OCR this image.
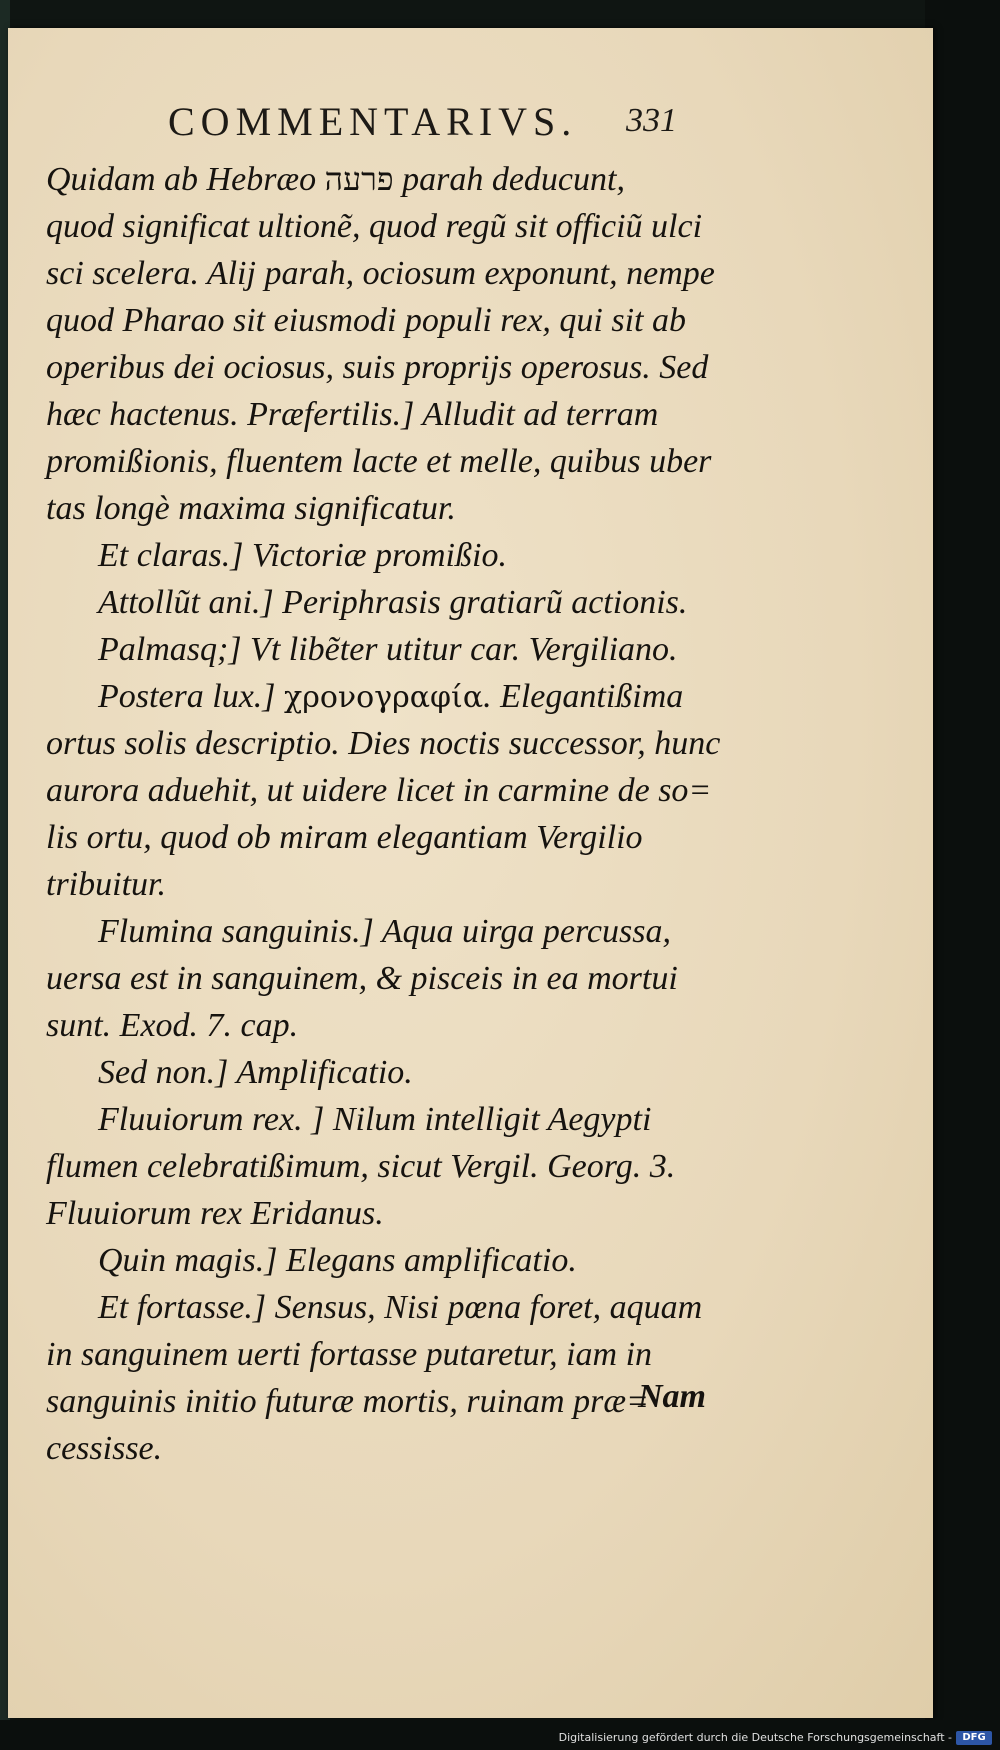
COMMENTARIVS. 331
Quidam ab Hebræo פרעה parah deducunt,
quod significat ultionẽ, quod regũ sit officiũ ulci
sci scelera. Alij parah, ociosum exponunt, nempe
quod Pharao sit eiusmodi populi rex, qui sit ab
operibus dei ociosus, suis proprijs operosus. Sed
hæc hactenus. Præfertilis.] Alludit ad terram
promißionis, fluentem lacte et melle, quibus uber
tas longè maxima significatur.
Et claras.] Victoriæ promißio.
Attollũt ani.] Periphrasis gratiarũ actionis.
Palmasq;] Vt libẽter utitur car. Vergiliano.
Postera lux.] χρονογραφία. Elegantißima
ortus solis descriptio. Dies noctis successor, hunc
aurora aduehit, ut uidere licet in carmine de so=
lis ortu, quod ob miram elegantiam Vergilio
tribuitur.
Flumina sanguinis.] Aqua uirga percussa,
uersa est in sanguinem, & pisceis in ea mortui
sunt. Exod. 7. cap.
Sed non.] Amplificatio.
Fluuiorum rex. ] Nilum intelligit Aegypti
flumen celebratißimum, sicut Vergil. Georg. 3.
Fluuiorum rex Eridanus.
Quin magis.] Elegans amplificatio.
Et fortasse.] Sensus, Nisi pœna foret, aquam
in sanguinem uerti fortasse putaretur, iam in
sanguinis initio futuræ mortis, ruinam præ=
cessisse.
Nam
Digitalisierung gefördert durch die Deutsche Forschungsgemeinschaft -	DFG
